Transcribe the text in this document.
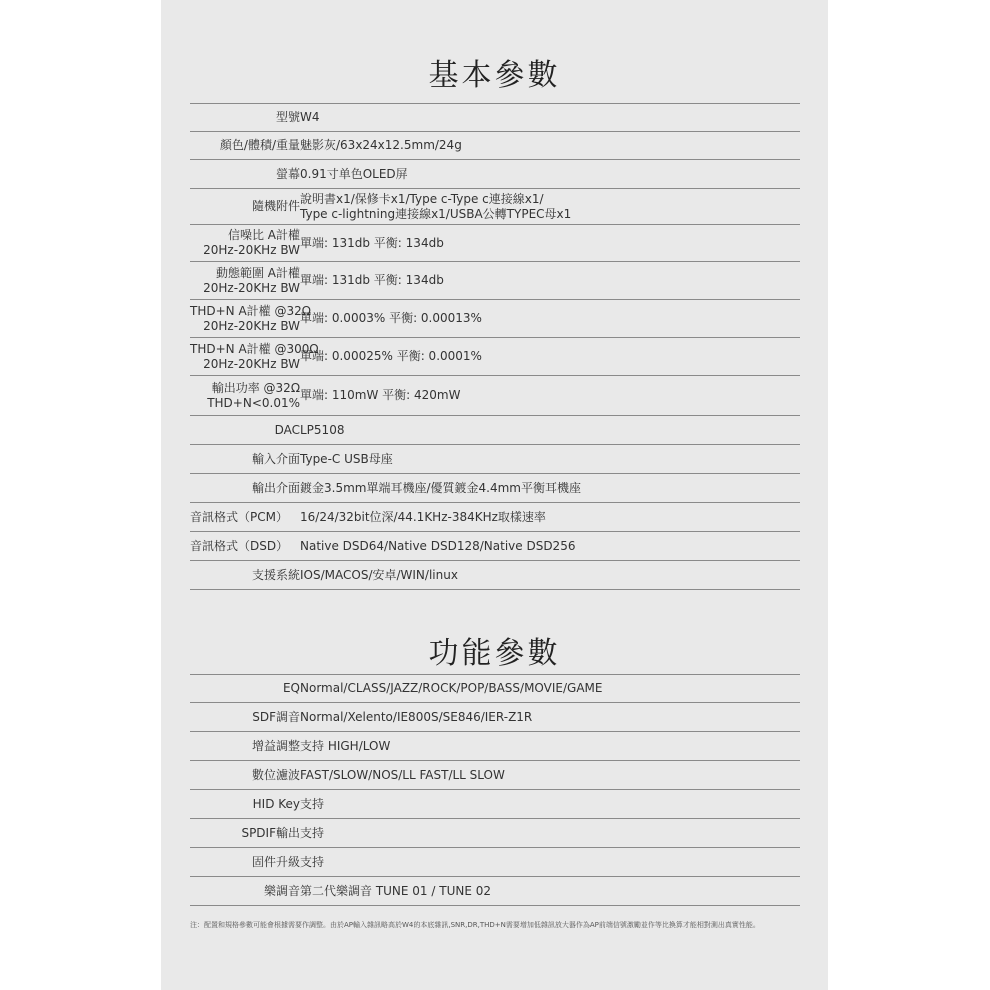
基本參數
型號	W4

顏色/體積/重量	魅影灰/63x24x12.5mm/24g

螢幕	0.91寸单色OLED屏

隨機附件	說明書x1/保修卡x1/Type c-Type c連接線x1/
Type c-lightning連接線x1/USBA公轉TYPEC母x1

信噪比 A計權
20Hz-20KHz BW	單端: 131db 平衡: 134db

動態範圍 A計權
20Hz-20KHz BW	單端: 131db 平衡: 134db

THD+N A計權 @32Ω
20Hz-20KHz BW	單端: 0.0003% 平衡: 0.00013%

THD+N A計權 @300Ω
20Hz-20KHz BW	單端: 0.00025% 平衡: 0.0001%

輸出功率 @32Ω
THD+N<0.01%	單端: 110mW 平衡: 420mW

DAC	LP5108

輸入介面	Type-C USB母座

輸出介面	鍍金3.5mm單端耳機座/優質鍍金4.4mm平衡耳機座

音訊格式（PCM）	16/24/32bit位深/44.1KHz-384KHz取樣速率

音訊格式（DSD）	Native DSD64/Native DSD128/Native DSD256

支援系統	IOS/MACOS/安卓/WIN/linux
功能參數
EQ	Normal/CLASS/JAZZ/ROCK/POP/BASS/MOVIE/GAME

SDF調音	Normal/Xelento/IE800S/SE846/IER-Z1R

增益調整	支持 HIGH/LOW

數位濾波	FAST/SLOW/NOS/LL FAST/LL SLOW

HID Key	支持

SPDIF輸出	支持

固件升級	支持

樂調音	第二代樂調音 TUNE 01 / TUNE 02

注：配置和規格參數可能會根據需要作調整。由於AP輸入雜訊略高於W4的本底雜訊,SNR,DR,THD+N需要增加低雜訊放大器作為AP前端信號激勵並作等比換算才能相對測出真實性能。
